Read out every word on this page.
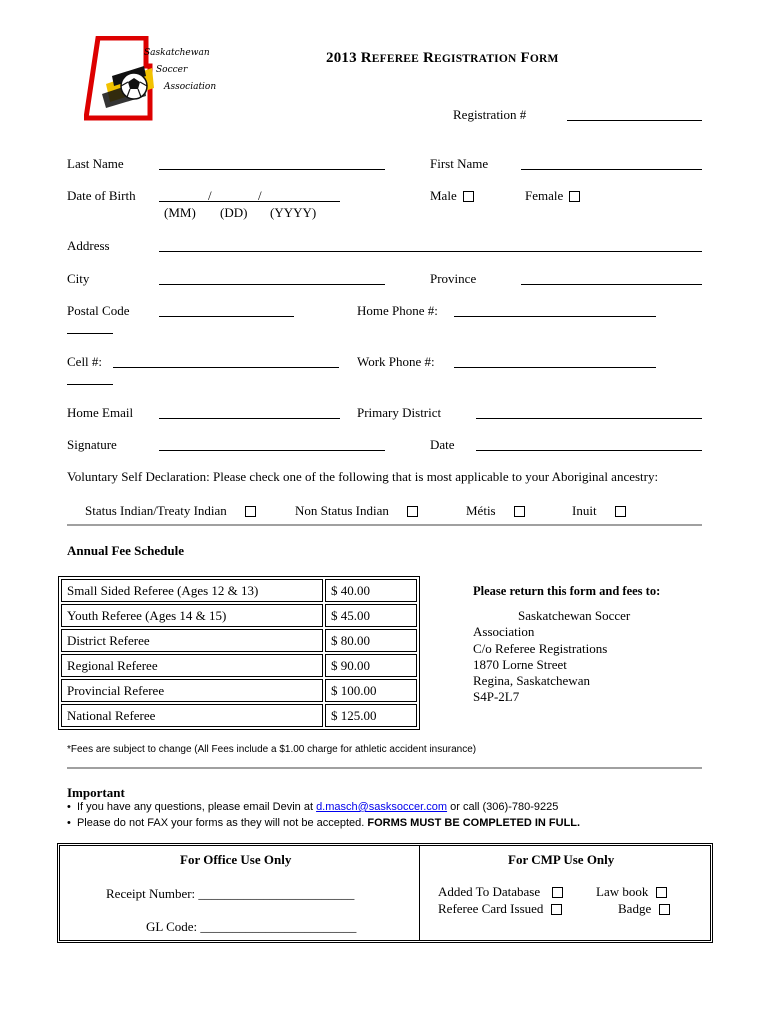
Saskatchewan
Soccer
Association
2013 REFEREE REGISTRATION FORM
Registration #
Last Name	First Name
Date of Birth	/	/
(MM) (DD) (YYYY)
Male	Female
Address
City	Province
Postal Code	Home Phone #:
Cell #:	Work Phone #:
Home Email	Primary District
Signature	Date
Voluntary Self Declaration: Please check one of the following that is most applicable to your Aboriginal ancestry:
Status Indian/Treaty Indian	Non Status Indian	Métis	Inuit
Annual Fee Schedule
Small Sided Referee (Ages 12 & 13)	$ 40.00
Youth Referee (Ages 14 & 15)	$ 45.00
District Referee	$ 80.00
Regional Referee	$ 90.00
Provincial Referee	$ 100.00
National Referee	$ 125.00
Please return this form and fees to:
Saskatchewan Soccer
Association
C/o Referee Registrations
1870 Lorne Street
Regina, Saskatchewan
S4P-2L7
*Fees are subject to change (All Fees include a $1.00 charge for athletic accident insurance)
Important
•  If you have any questions, please email Devin at d.masch@sasksoccer.com or call (306)-780-9225
•  Please do not FAX your forms as they will not be accepted. FORMS MUST BE COMPLETED IN FULL.
For Office Use Only
Receipt Number: ________________________
GL Code: ________________________
For CMP Use Only
Added To Database
Referee Card Issued
Law book
Badge
